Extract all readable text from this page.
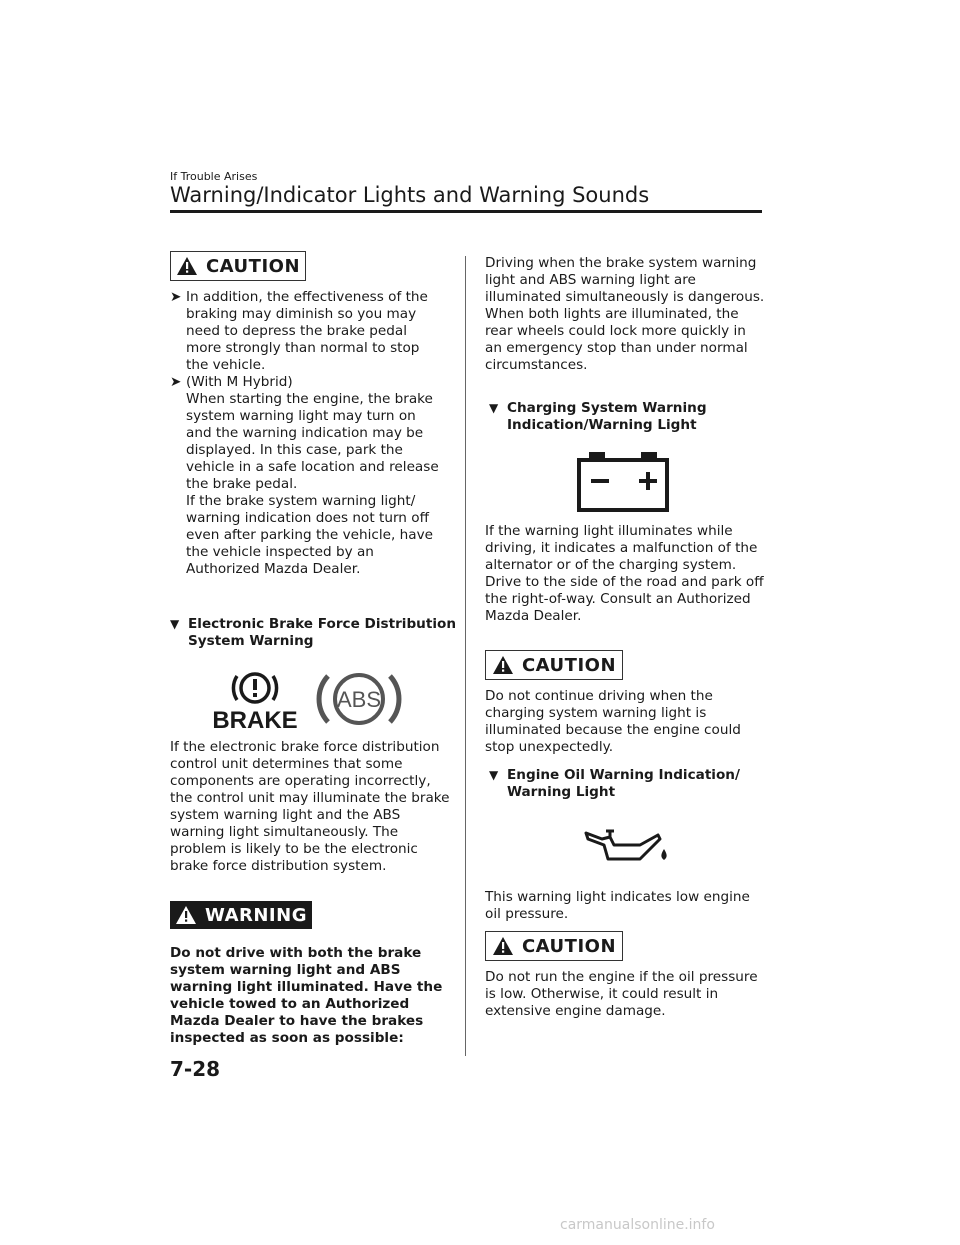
If Trouble Arises
Warning/Indicator Lights and Warning Sounds
CAUTION
➤ In addition, the effectiveness of the braking may diminish so you may need to depress the brake pedal more strongly than normal to stop the vehicle.
➤ (With M Hybrid)
When starting the engine, the brake system warning light may turn on and the warning indication may be displayed. In this case, park the vehicle in a safe location and release the brake pedal.
If the brake system warning light/ warning indication does not turn off even after parking the vehicle, have the vehicle inspected by an Authorized Mazda Dealer.
▼ Electronic Brake Force Distribution System Warning
BRAKE
ABS

If the electronic brake force distribution control unit determines that some components are operating incorrectly, the control unit may illuminate the brake system warning light and the ABS warning light simultaneously. The problem is likely to be the electronic brake force distribution system.

WARNING

Do not drive with both the brake system warning light and ABS warning light illuminated. Have the vehicle towed to an Authorized Mazda Dealer to have the brakes inspected as soon as possible:

Driving when the brake system warning light and ABS warning light are illuminated simultaneously is dangerous.
When both lights are illuminated, the rear wheels could lock more quickly in an emergency stop than under normal circumstances.

▼ Charging System Warning Indication/Warning Light

If the warning light illuminates while driving, it indicates a malfunction of the alternator or of the charging system.
Drive to the side of the road and park off the right-of-way. Consult an Authorized Mazda Dealer.

CAUTION

Do not continue driving when the charging system warning light is illuminated because the engine could stop unexpectedly.

▼ Engine Oil Warning Indication/ Warning Light

This warning light indicates low engine oil pressure.

CAUTION

Do not run the engine if the oil pressure is low. Otherwise, it could result in extensive engine damage.

7-28
carmanualsonline.info
